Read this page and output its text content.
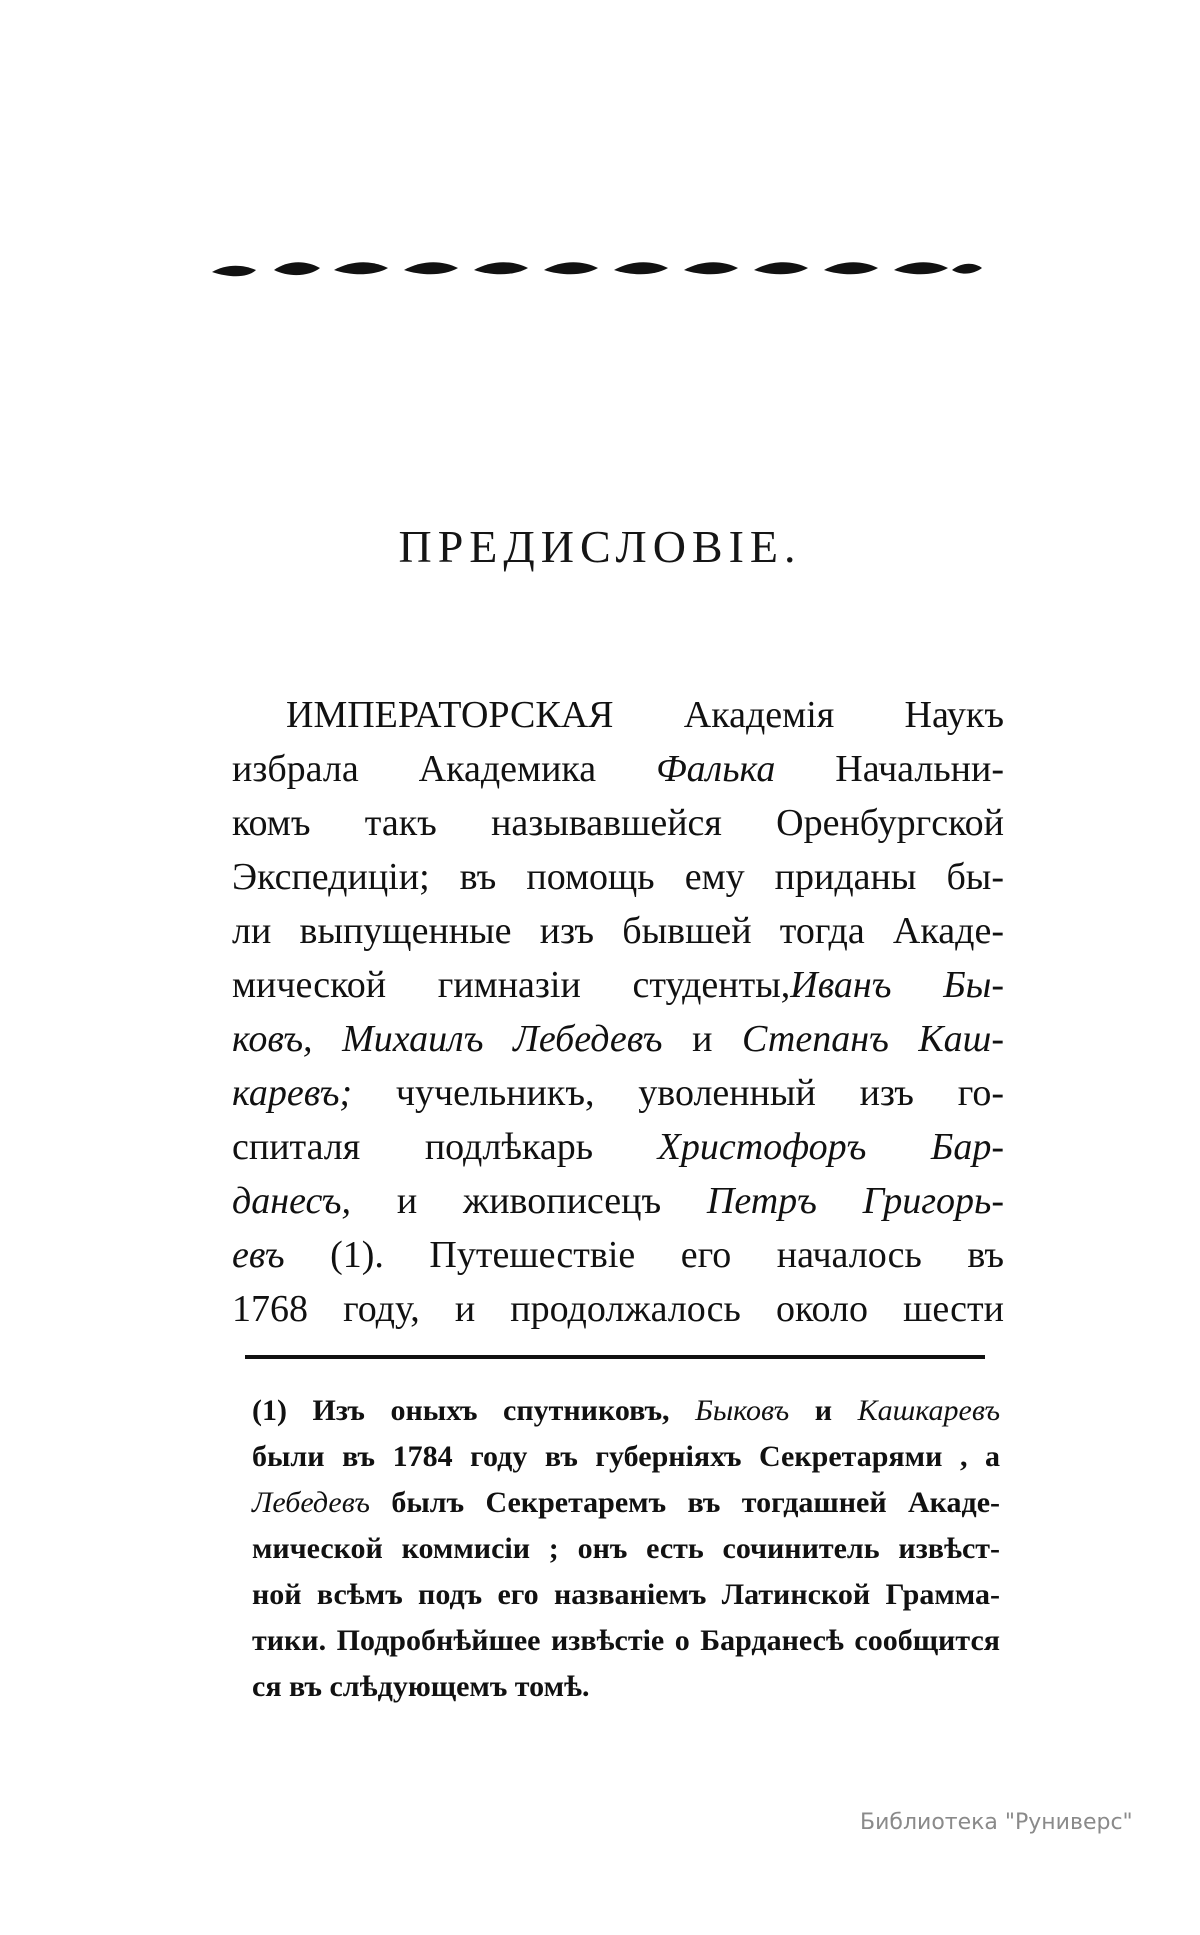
ПРЕДИСЛОВІЕ.
ИМПЕРАТОРСКАЯ Академія Наукъ
избрала Академика Фалька Начальни-
комъ такъ называвшейся Оренбургской
Экспедиціи; въ помощь ему приданы бы-
ли выпущенные изъ бывшей тогда Акаде-
мической гимназіи студенты,Иванъ Бы-
ковъ, Михаилъ Лебедевъ и Степанъ Каш-
каревъ; чучельникъ, уволенный изъ го-
спиталя подлѣкарь Христофоръ Бар-
данесъ, и живописецъ Петръ Григорь-
евъ (1). Путешествіе его началось въ
1768 году, и продолжалось около шести
(1) Изъ оныхъ спутниковъ, Быковъ и Кашкаревъ
были въ 1784 году въ губерніяхъ Секретарями , а
Лебедевъ былъ Секретаремъ въ тогдашней Акаде-
мической коммисіи ; онъ есть сочинитель извѣст-
ной всѣмъ подъ его названіемъ Латинской Грамма-
тики. Подробнѣйшее извѣстіе о Барданесѣ сообщится
ся въ слѣдующемъ томѣ.
Библиотека "Руниверс"
